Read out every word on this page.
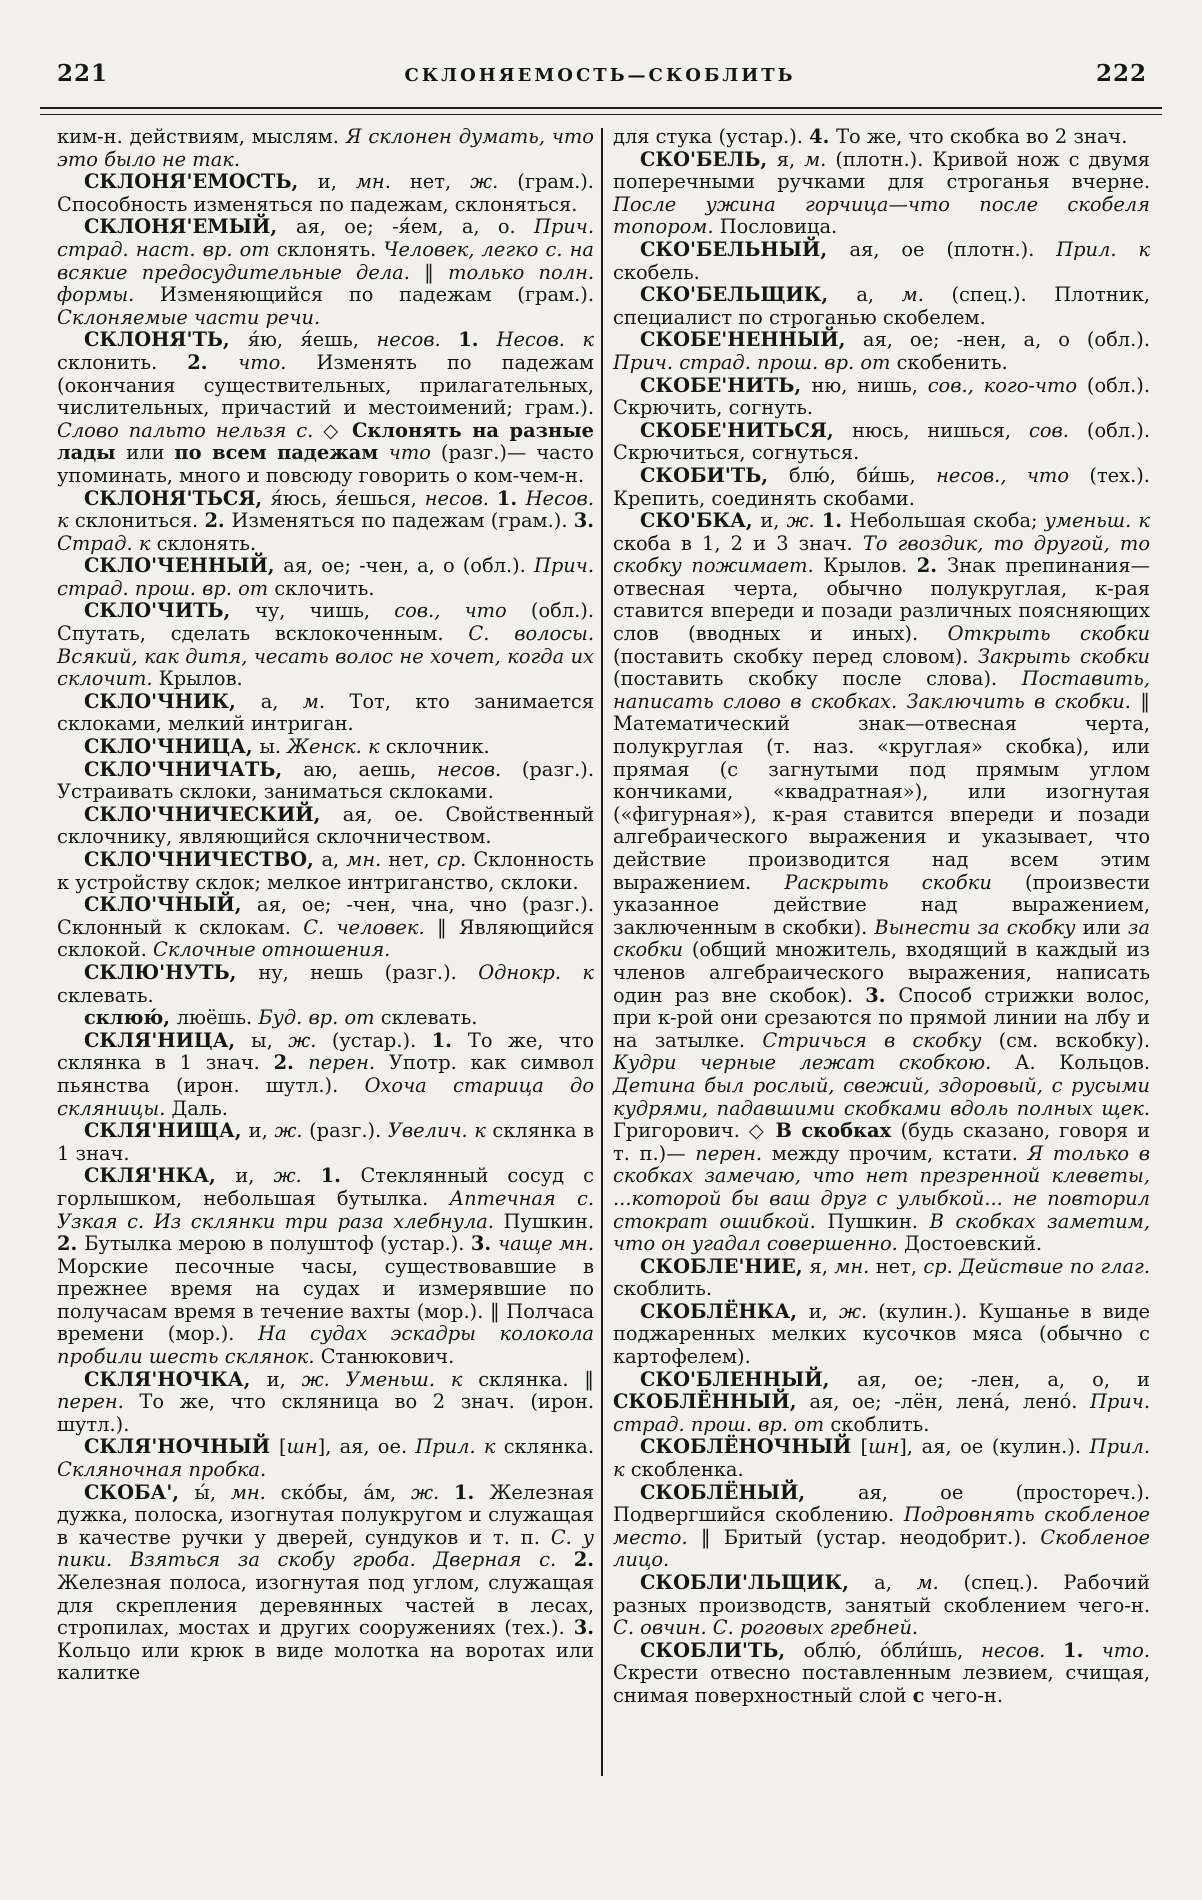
221	СКЛОНЯЕМОСТЬ—СКОБЛИТЬ	222

ким-н. действиям, мыслям. Я склонен думать, что это было не так.

СКЛОНЯ'ЕМОСТЬ, и, мн. нет, ж. (грам.). Способность изменяться по падежам, склоняться.

СКЛОНЯ'ЕМЫЙ, ая, ое; -я́ем, а, о. Прич. страд. наст. вр. от склонять. Человек, легко с. на всякие предосудительные дела. ‖ только полн. формы. Изменяющийся по падежам (грам.). Склоняемые части речи.

СКЛОНЯ'ТЬ, я́ю, я́ешь, несов. 1. Несов. к склонить. 2. что. Изменять по падежам (окончания существительных, прилагательных, числительных, причастий и местоимений; грам.). Слово пальто нельзя с. ◇ Склонять на разные лады или по всем падежам что (разг.)— часто упоминать, много и повсюду говорить о ком-чем-н.

СКЛОНЯ'ТЬСЯ, я́юсь, я́ешься, несов. 1. Несов. к склониться. 2. Изменяться по падежам (грам.). 3. Страд. к склонять.

СКЛО'ЧЕННЫЙ, ая, ое; -чен, а, о (обл.). Прич. страд. прош. вр. от склочить.

СКЛО'ЧИТЬ, чу, чишь, сов., что (обл.). Спутать, сделать всклокоченным. С. волосы. Всякий, как дитя, чесать волос не хочет, когда их склочит. Крылов.

СКЛО'ЧНИК, а, м. Тот, кто занимается склоками, мелкий интриган.

СКЛО'ЧНИЦА, ы. Женск. к склочник.

СКЛО'ЧНИЧАТЬ, аю, аешь, несов. (разг.). Устраивать склоки, заниматься склоками.

СКЛО'ЧНИЧЕСКИЙ, ая, ое. Свойственный склочнику, являющийся склочничеством.

СКЛО'ЧНИЧЕСТВО, а, мн. нет, ср. Склонность к устройству склок; мелкое интриганство, склоки.

СКЛО'ЧНЫЙ, ая, ое; -чен, чна, чно (разг.). Склонный к склокам. С. человек. ‖ Являющийся склокой. Склочные отношения.

СКЛЮ'НУТЬ, ну, нешь (разг.). Однокр. к склевать.

склюю́, люёшь. Буд. вр. от склевать.

СКЛЯ'НИЦА, ы, ж. (устар.). 1. То же, что склянка в 1 знач. 2. перен. Употр. как символ пьянства (ирон. шутл.). Охоча старица до скляницы. Даль.

СКЛЯ'НИЩА, и, ж. (разг.). Увелич. к склянка в 1 знач.

СКЛЯ'НКА, и, ж. 1. Стеклянный сосуд с горлышком, небольшая бутылка. Аптечная с. Узкая с. Из склянки три раза хлебнула. Пушкин. 2. Бутылка мерою в полуштоф (устар.). 3. чаще мн. Морские песочные часы, существовавшие в прежнее время на судах и измерявшие по получасам время в течение вахты (мор.). ‖ Полчаса времени (мор.). На судах эскадры колокола пробили шесть склянок. Станюкович.

СКЛЯ'НОЧКА, и, ж. Уменьш. к склянка. ‖ перен. То же, что скляница во 2 знач. (ирон. шутл.).

СКЛЯ'НОЧНЫЙ [шн], ая, ое. Прил. к склянка. Скляночная пробка.

СКОБА', ы́, мн. ско́бы, а́м, ж. 1. Железная дужка, полоска, изогнутая полукругом и служащая в качестве ручки у дверей, сундуков и т. п. С. у пики. Взяться за скобу гроба. Дверная с. 2. Железная полоса, изогнутая под углом, служащая для скрепления деревянных частей в лесах, стропилах, мостах и других сооружениях (тех.). 3. Кольцо или крюк в виде молотка на воротах или калитке

для стука (устар.). 4. То же, что скобка во 2 знач.

СКО'БЕЛЬ, я, м. (плотн.). Кривой нож с двумя поперечными ручками для строганья вчерне. После ужина горчица—что после скобеля топором. Пословица.

СКО'БЕЛЬНЫЙ, ая, ое (плотн.). Прил. к скобель.

СКО'БЕЛЬЩИК, а, м. (спец.). Плотник, специалист по строганью скобелем.

СКОБЕ'НЕННЫЙ, ая, ое; -нен, а, о (обл.). Прич. страд. прош. вр. от скобенить.

СКОБЕ'НИТЬ, ню, нишь, сов., кого-что (обл.). Скрючить, согнуть.

СКОБЕ'НИТЬСЯ, нюсь, нишься, сов. (обл.). Скрючиться, согнуться.

СКОБИ'ТЬ, блю́, би́шь, несов., что (тех.). Крепить, соединять скобами.

СКО'БКА, и, ж. 1. Небольшая скоба; уменьш. к скоба в 1, 2 и 3 знач. То гвоздик, то другой, то скобку пожимает. Крылов. 2. Знак препинания—отвесная черта, обычно полукруглая, к-рая ставится впереди и позади различных поясняющих слов (вводных и иных). Открыть скобки (поставить скобку перед словом). Закрыть скобки (поставить скобку после слова). Поставить, написать слово в скобках. Заключить в скобки. ‖ Математический знак—отвесная черта, полукруглая (т. наз. «круглая» скобка), или прямая (с загнутыми под прямым углом кончиками, «квадратная»), или изогнутая («фигурная»), к-рая ставится впереди и позади алгебраического выражения и указывает, что действие производится над всем этим выражением. Раскрыть скобки (произвести указанное действие над выражением, заключенным в скобки). Вынести за скобку или за скобки (общий множитель, входящий в каждый из членов алгебраического выражения, написать один раз вне скобок). 3. Способ стрижки волос, при к-рой они срезаются по прямой линии на лбу и на затылке. Стричься в скобку (см. вскобку). Кудри черные лежат скобкою. А. Кольцов. Детина был рослый, свежий, здоровый, с русыми кудрями, падавшими скобками вдоль полных щек. Григорович. ◇ В скобках (будь сказано, говоря и т. п.)— перен. между прочим, кстати. Я только в скобках замечаю, что нет презренной клеветы, ...которой бы ваш друг с улыбкой... не повторил стократ ошибкой. Пушкин. В скобках заметим, что он угадал совершенно. Достоевский.

СКОБЛЕ'НИЕ, я, мн. нет, ср. Действие по глаг. скоблить.

СКОБЛЁНКА, и, ж. (кулин.). Кушанье в виде поджаренных мелких кусочков мяса (обычно с картофелем).

СКО'БЛЕННЫЙ, ая, ое; -лен, а, о, и СКОБЛЁННЫЙ, ая, ое; -лён, лена́, лено́. Прич. страд. прош. вр. от скоблить.

СКОБЛЁНОЧНЫЙ [шн], ая, ое (кулин.). Прил. к скобленка.

СКОБЛЁНЫЙ, ая, ое (простореч.). Подвергшийся скоблению. Подровнять скобленое место. ‖ Бритый (устар. неодобрит.). Скобленое лицо.

СКОБЛИ'ЛЬЩИК, а, м. (спец.). Рабочий разных производств, занятый скоблением чего-н. С. овчин. С. роговых гребней.

СКОБЛИ'ТЬ, облю́, о́бли́шь, несов. 1. что. Скрести отвесно поставленным лезвием, счищая, снимая поверхностный слой с чего-н.
